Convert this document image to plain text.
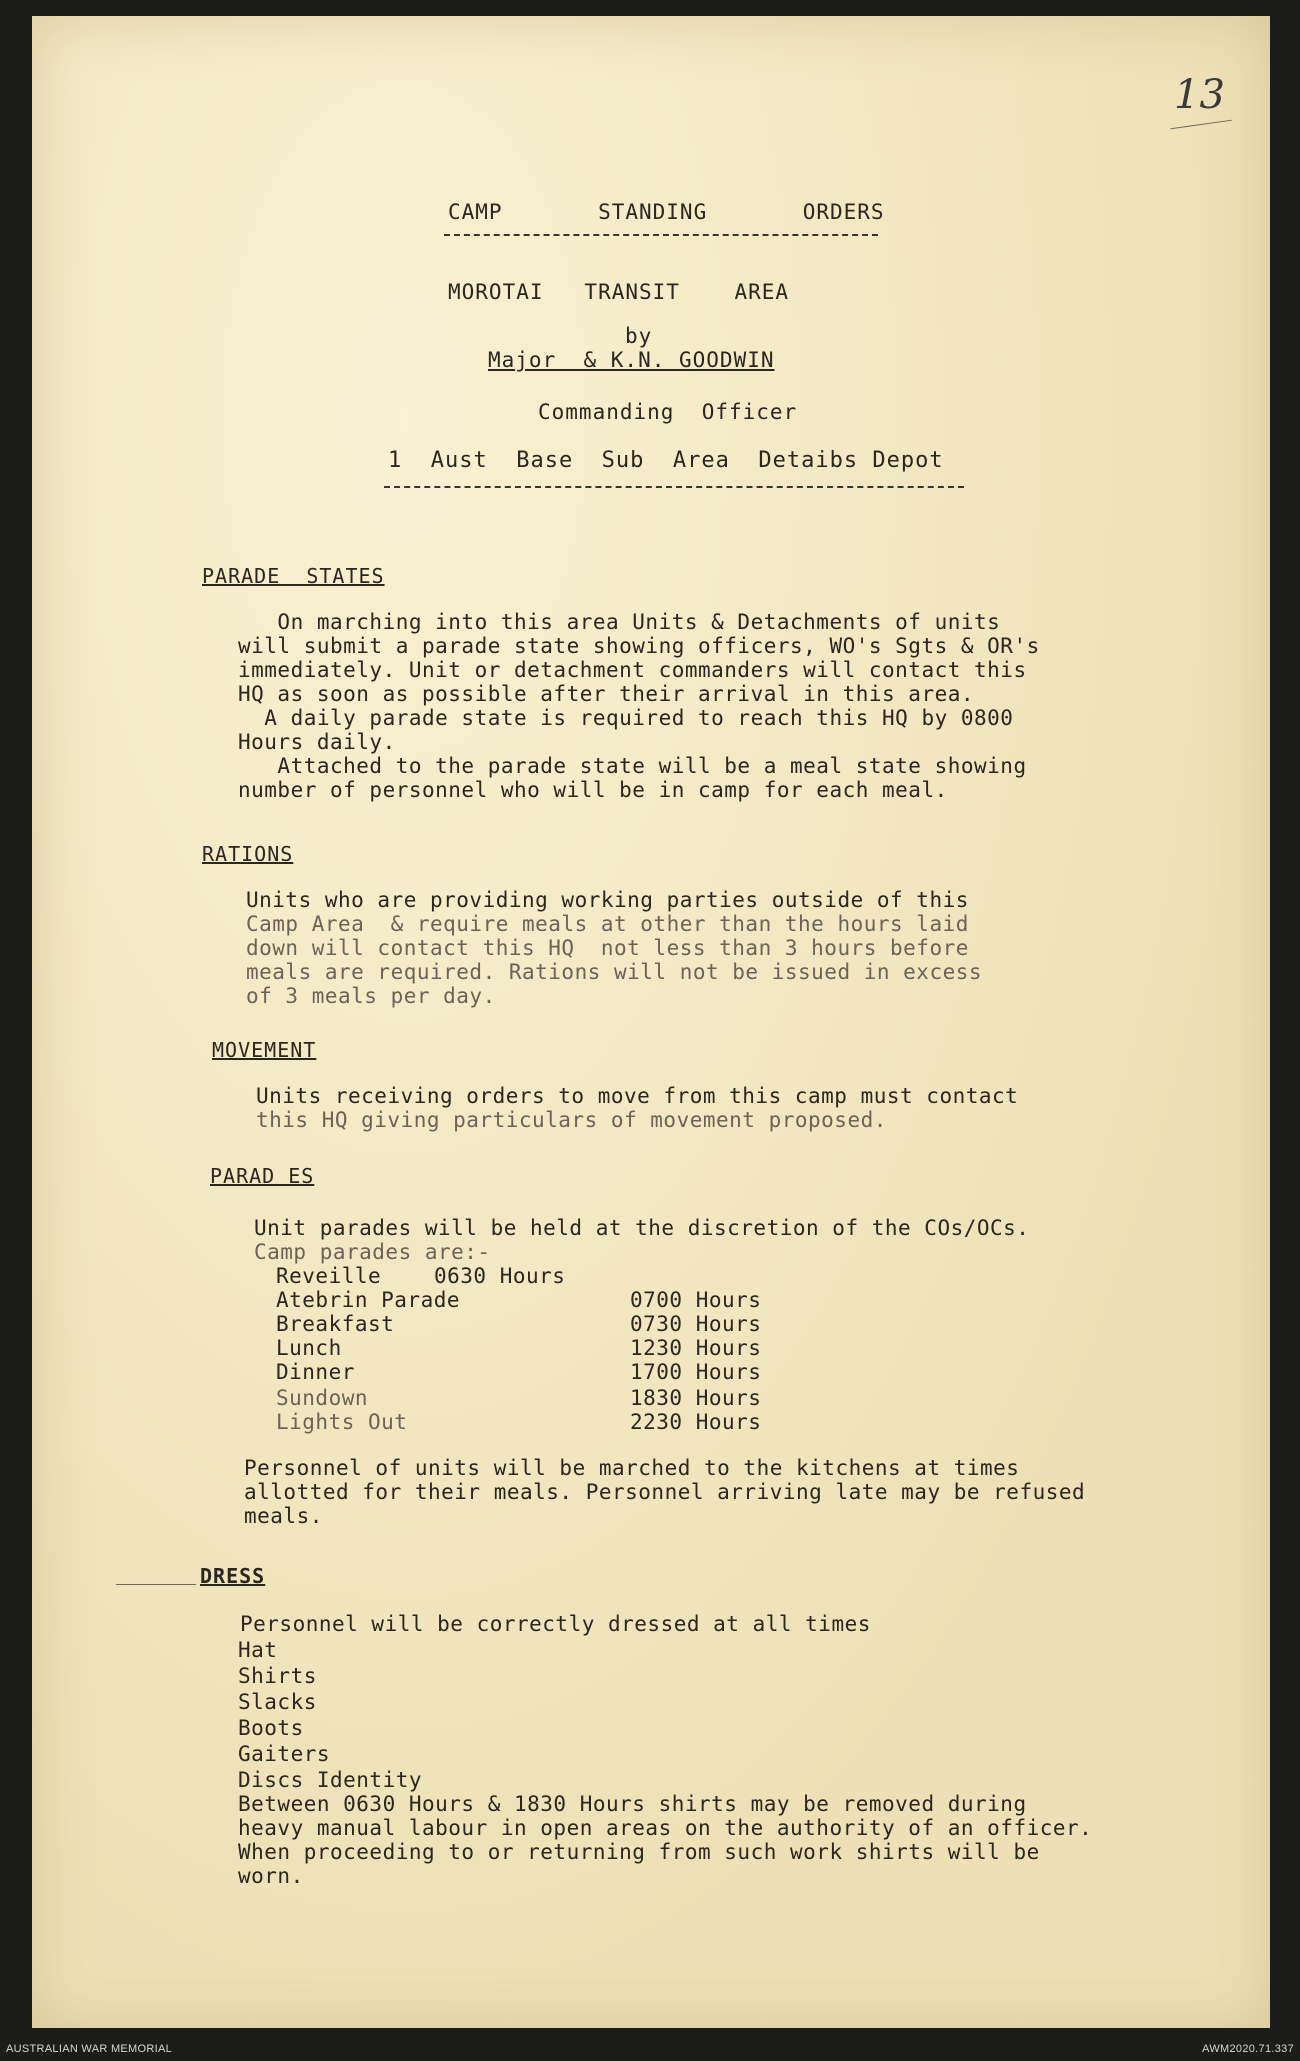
13
CAMP       STANDING       ORDERS
MOROTAI   TRANSIT    AREA
by
Major  & K.N. GOODWIN
Commanding  Officer
1  Aust  Base  Sub  Area  Detaibs Depot
PARADE  STATES
On marching into this area Units & Detachments of units
will submit a parade state showing officers, WO's Sgts & OR's
immediately. Unit or detachment commanders will contact this
HQ as soon as possible after their arrival in this area.
A daily parade state is required to reach this HQ by 0800
Hours daily.
Attached to the parade state will be a meal state showing
number of personnel who will be in camp for each meal.
RATIONS
Units who are providing working parties outside of this
Camp Area  & require meals at other than the hours laid
down will contact this HQ  not less than 3 hours before
meals are required. Rations will not be issued in excess
of 3 meals per day.
MOVEMENT
Units receiving orders to move from this camp must contact
this HQ giving particulars of movement proposed.
PARAD ES
Unit parades will be held at the discretion of the COs/OCs.
Camp parades are:-
Reveille	0630 Hours
Atebrin Parade	0700 Hours
Breakfast	0730 Hours
Lunch	1230 Hours
Dinner	1700 Hours
Sundown	1830 Hours
Lights Out	2230 Hours
Personnel of units will be marched to the kitchens at times
allotted for their meals. Personnel arriving late may be refused
meals.
DRESS
Personnel will be correctly dressed at all times
Hat
Shirts
Slacks
Boots
Gaiters
Discs Identity
Between 0630 Hours & 1830 Hours shirts may be removed during
heavy manual labour in open areas on the authority of an officer.
When proceeding to or returning from such work shirts will be
worn.
AUSTRALIAN WAR MEMORIAL	AWM2020.71.337
